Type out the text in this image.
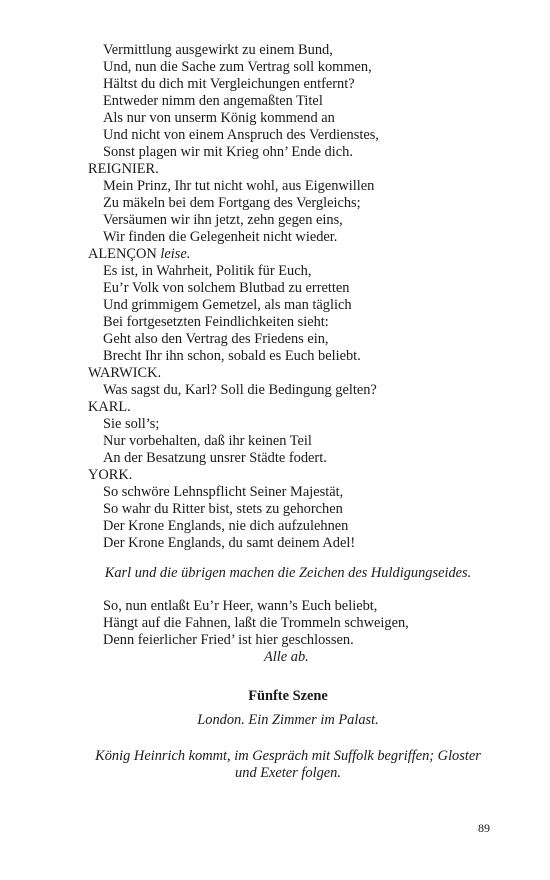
Vermittlung ausgewirkt zu einem Bund,
Und, nun die Sache zum Vertrag soll kommen,
Hältst du dich mit Vergleichungen entfernt?
Entweder nimm den angemaßten Titel
Als nur von unserm König kommend an
Und nicht von einem Anspruch des Verdienstes,
Sonst plagen wir mit Krieg ohn’ Ende dich.
REIGNIER.
Mein Prinz, Ihr tut nicht wohl, aus Eigenwillen
Zu mäkeln bei dem Fortgang des Vergleichs;
Versäumen wir ihn jetzt, zehn gegen eins,
Wir finden die Gelegenheit nicht wieder.
ALENÇON leise.
Es ist, in Wahrheit, Politik für Euch,
Eu’r Volk von solchem Blutbad zu erretten
Und grimmigem Gemetzel, als man täglich
Bei fortgesetzten Feindlichkeiten sieht:
Geht also den Vertrag des Friedens ein,
Brecht Ihr ihn schon, sobald es Euch beliebt.
WARWICK.
Was sagst du, Karl? Soll die Bedingung gelten?
KARL.
Sie soll’s;
Nur vorbehalten, daß ihr keinen Teil
An der Besatzung unsrer Städte fodert.
YORK.
So schwöre Lehnspflicht Seiner Majestät,
So wahr du Ritter bist, stets zu gehorchen
Der Krone Englands, nie dich aufzulehnen
Der Krone Englands, du samt deinem Adel!
Karl und die übrigen machen die Zeichen des Huldigungseides.
So, nun entlaßt Eu’r Heer, wann’s Euch beliebt,
Hängt auf die Fahnen, laßt die Trommeln schweigen,
Denn feierlicher Fried’ ist hier geschlossen.
Alle ab.
Fünfte Szene
London. Ein Zimmer im Palast.
König Heinrich kommt, im Gespräch mit Suffolk begriffen; Gloster
und Exeter folgen.
89
